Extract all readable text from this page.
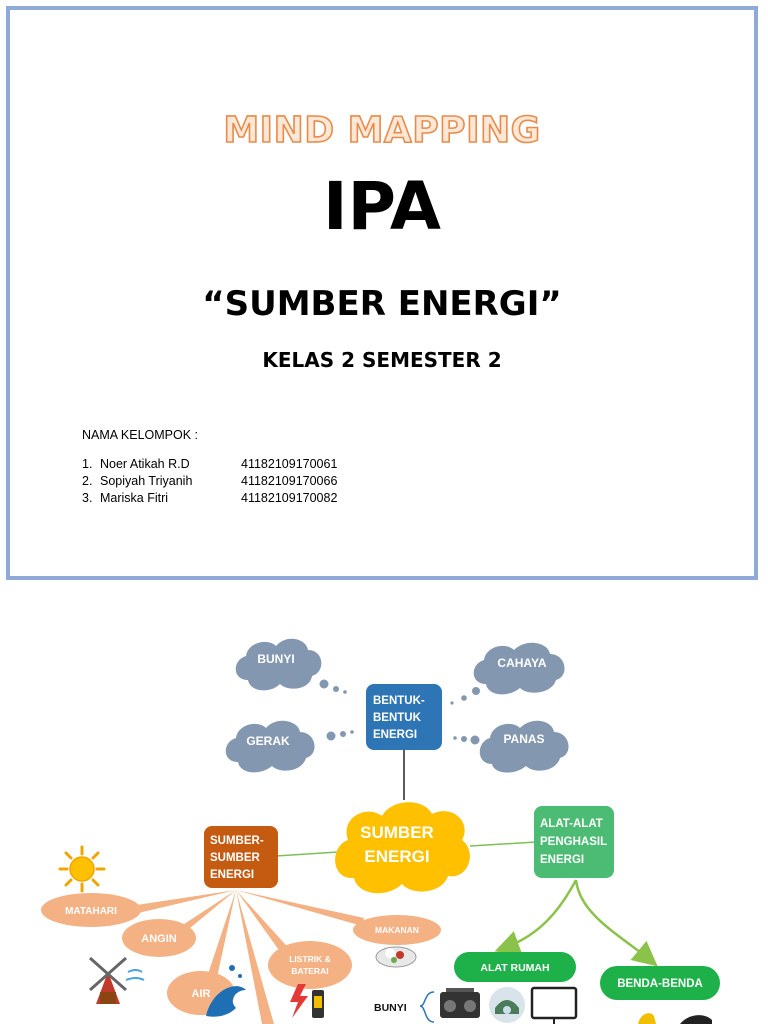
MIND MAPPING
IPA
“SUMBER ENERGI”
KELAS 2 SEMESTER 2
NAMA KELOMPOK :
1. Noer Atikah R.D	41182109170061
2. Sopiyah Triyanih	41182109170066
3. Mariska Fitri	41182109170082
BUNYI	CAHAYA
GERAK	PANAS
BENTUK-
BENTUK
ENERGI
SUMBER
ENERGI
SUMBER-
SUMBER
ENERGI
ALAT-ALAT
PENGHASIL
ENERGI
MATAHARI
ANGIN
AIR
LISTRIK &
BATERAI
MAKANAN
ALAT RUMAH
BENDA-BENDA
BUNYI
